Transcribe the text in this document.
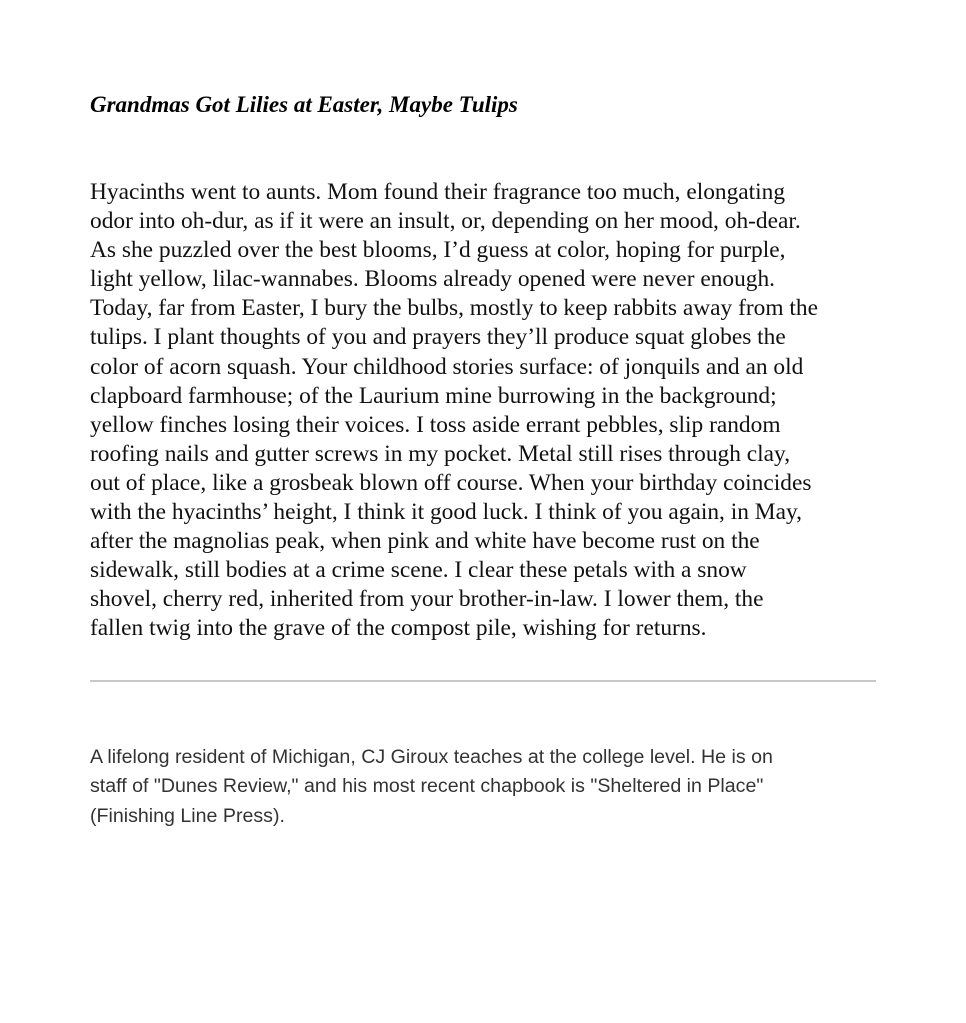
Grandmas Got Lilies at Easter, Maybe Tulips
Hyacinths went to aunts. Mom found their fragrance too much, elongating
odor into oh-dur, as if it were an insult, or, depending on her mood, oh-dear.
As she puzzled over the best blooms, I’d guess at color, hoping for purple,
light yellow, lilac-wannabes. Blooms already opened were never enough.
Today, far from Easter, I bury the bulbs, mostly to keep rabbits away from the
tulips. I plant thoughts of you and prayers they’ll produce squat globes the
color of acorn squash. Your childhood stories surface: of jonquils and an old
clapboard farmhouse; of the Laurium mine burrowing in the background;
yellow finches losing their voices. I toss aside errant pebbles, slip random
roofing nails and gutter screws in my pocket. Metal still rises through clay,
out of place, like a grosbeak blown off course. When your birthday coincides
with the hyacinths’ height, I think it good luck. I think of you again, in May,
after the magnolias peak, when pink and white have become rust on the
sidewalk, still bodies at a crime scene. I clear these petals with a snow
shovel, cherry red, inherited from your brother-in-law. I lower them, the
fallen twig into the grave of the compost pile, wishing for returns.
A lifelong resident of Michigan, CJ Giroux teaches at the college level. He is on
staff of "Dunes Review," and his most recent chapbook is "Sheltered in Place"
(Finishing Line Press).
